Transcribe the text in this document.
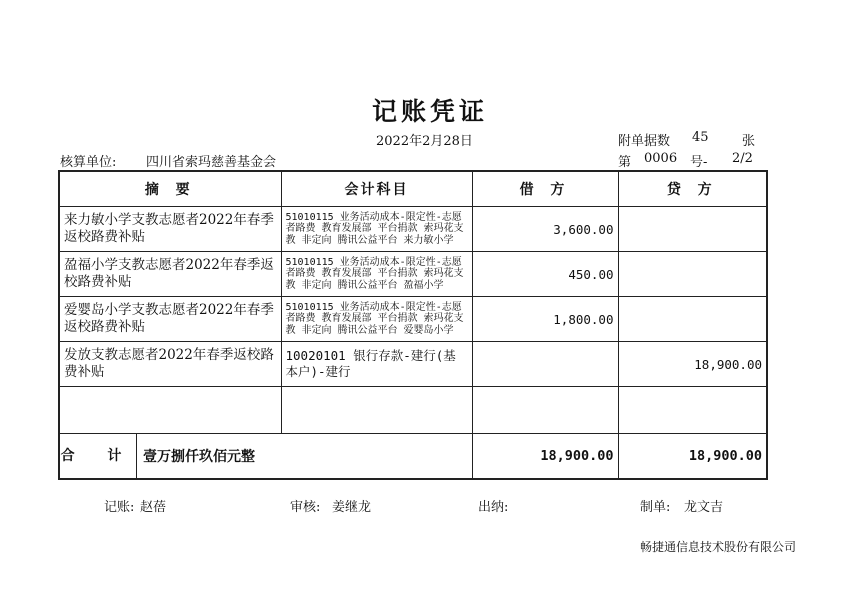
记账凭证
2022年2月28日	附单据数 45	张
核算单位: 四川省索玛慈善基金会	第 0006 号- 2/2
摘 要	会计科目	借 方	贷 方
来力敏小学支教志愿者2022年春季返校路费补贴	51010115 业务活动成本-限定性-志愿者路费 教育发展部 平台捐款 索玛花支教 非定向 腾讯公益平台 来力敏小学	3,600.00	
盈福小学支教志愿者2022年春季返校路费补贴	51010115 业务活动成本-限定性-志愿者路费 教育发展部 平台捐款 索玛花支教 非定向 腾讯公益平台 盈福小学	450.00	
爱婴岛小学支教志愿者2022年春季返校路费补贴	51010115 业务活动成本-限定性-志愿者路费 教育发展部 平台捐款 索玛花支教 非定向 腾讯公益平台 爱婴岛小学	1,800.00	
发放支教志愿者2022年春季返校路费补贴	10020101 银行存款-建行(基本户)-建行		18,900.00

合 计 壹万捌仟玖佰元整		18,900.00	18,900.00
记账: 赵蓓	审核: 姜继龙	出纳:	制单: 龙文吉
畅捷通信息技术股份有限公司
